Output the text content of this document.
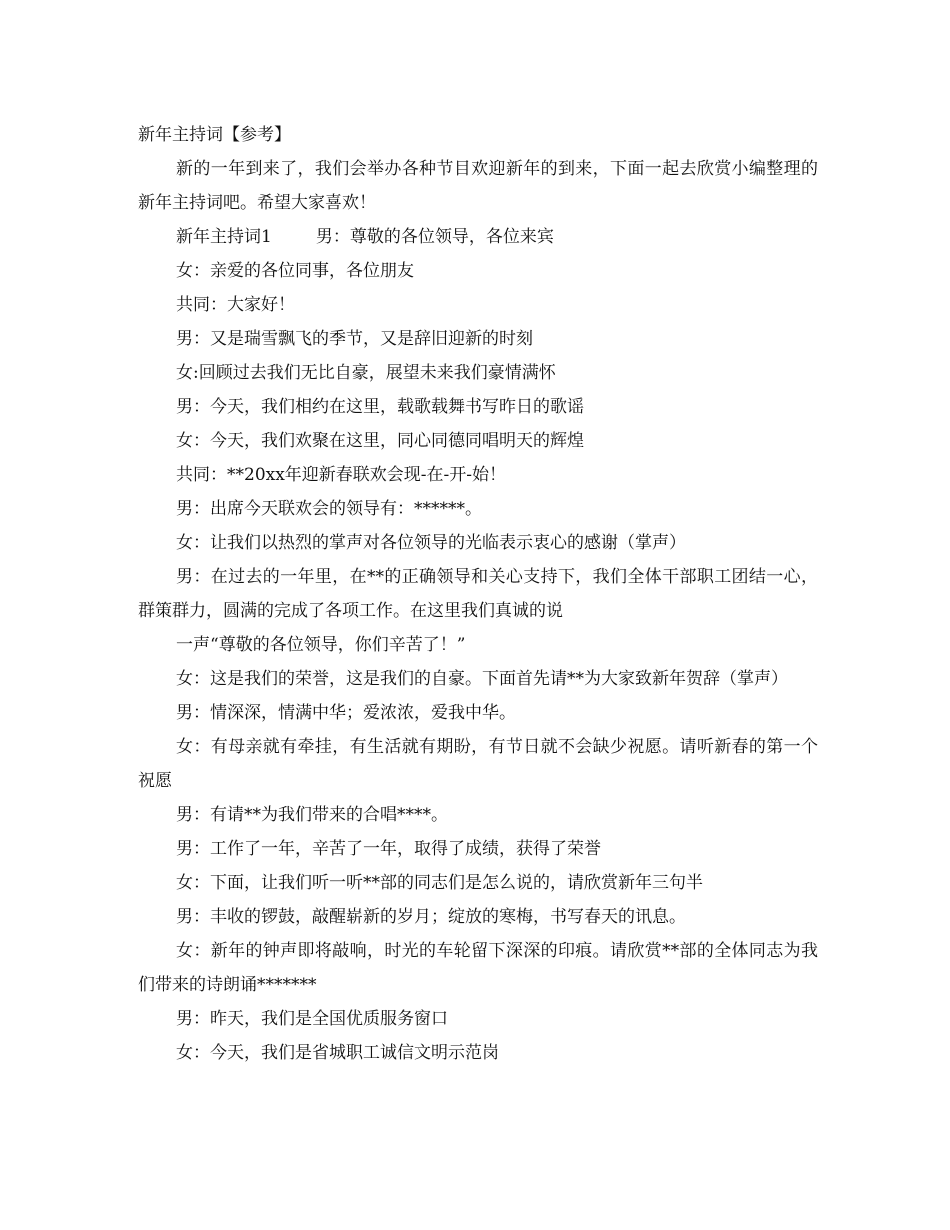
新年主持词【参考】

新的一年到来了，我们会举办各种节目欢迎新年的到来，下面一起去欣赏小编整理的新年主持词吧。希望大家喜欢！

新年主持词1	男：尊敬的各位领导，各位来宾

女：亲爱的各位同事，各位朋友

共同：大家好！

男：又是瑞雪飘飞的季节，又是辞旧迎新的时刻

女:回顾过去我们无比自豪，展望未来我们豪情满怀

男：今天，我们相约在这里，载歌载舞书写昨日的歌谣

女：今天，我们欢聚在这里，同心同德同唱明天的辉煌

共同：**20xx年迎新春联欢会现-在-开-始！

男：出席今天联欢会的领导有：******。

女：让我们以热烈的掌声对各位领导的光临表示衷心的感谢（掌声）

男：在过去的一年里，在**的正确领导和关心支持下，我们全体干部职工团结一心，群策群力，圆满的完成了各项工作。在这里我们真诚的说

一声“尊敬的各位领导，你们辛苦了！”

女：这是我们的荣誉，这是我们的自豪。下面首先请**为大家致新年贺辞（掌声）

男：情深深，情满中华；爱浓浓，爱我中华。

女：有母亲就有牵挂，有生活就有期盼，有节日就不会缺少祝愿。请听新春的第一个祝愿

男：有请**为我们带来的合唱****。

男：工作了一年，辛苦了一年，取得了成绩，获得了荣誉

女：下面，让我们听一听**部的同志们是怎么说的，请欣赏新年三句半

男：丰收的锣鼓，敲醒崭新的岁月；绽放的寒梅，书写春天的讯息。

女：新年的钟声即将敲响，时光的车轮留下深深的印痕。请欣赏**部的全体同志为我们带来的诗朗诵*******

男：昨天，我们是全国优质服务窗口

女：今天，我们是省城职工诚信文明示范岗
